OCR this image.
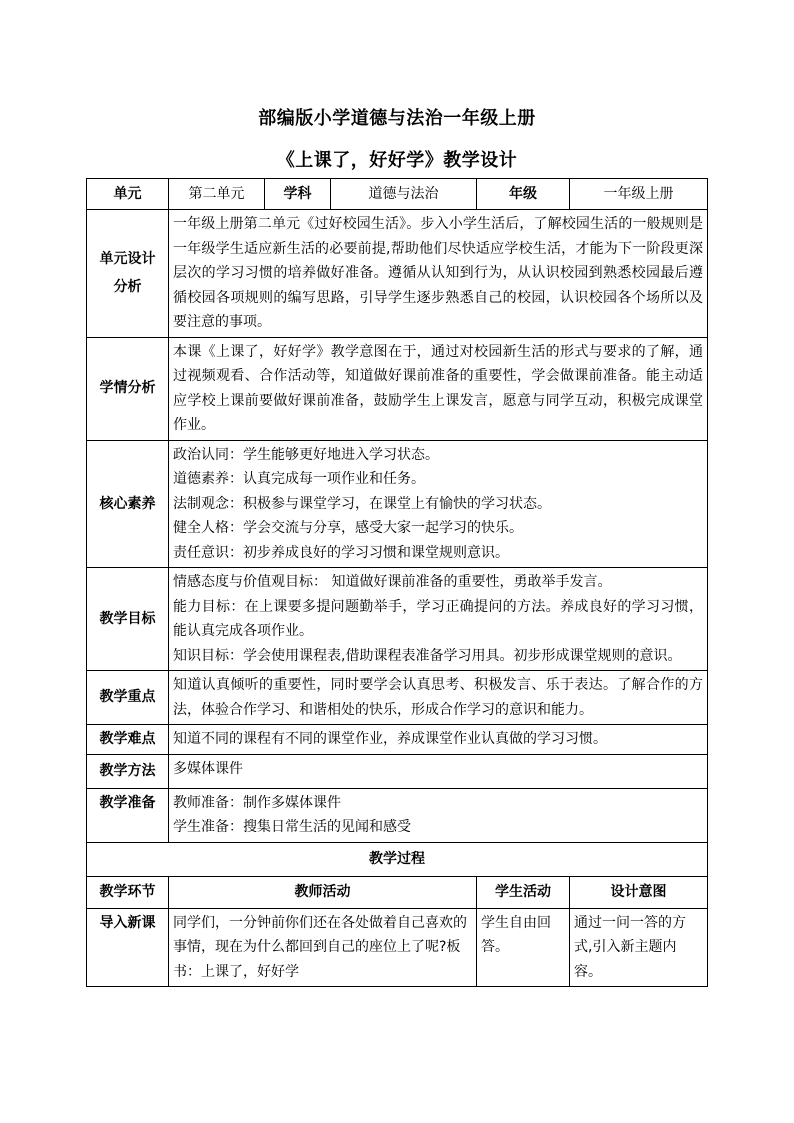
部编版小学道德与法治一年级上册
《上课了，好好学》教学设计
单元	第二单元	学科	道德与法治	年级	一年级上册
单元设计分析	一年级上册第二单元《过好校园生活》。步入小学生活后，了解校园生活的一般规则是一年级学生适应新生活的必要前提,帮助他们尽快适应学校生活，才能为下一阶段更深层次的学习习惯的培养做好准备。遵循从认知到行为，从认识校园到熟悉校园最后遵循校园各项规则的编写思路，引导学生逐步熟悉自己的校园，认识校园各个场所以及要注意的事项。				
学情分析	本课《上课了，好好学》教学意图在于，通过对校园新生活的形式与要求的了解，通过视频观看、合作活动等，知道做好课前准备的重要性，学会做课前准备。能主动适应学校上课前要做好课前准备，鼓励学生上课发言，愿意与同学互动，积极完成课堂作业。				
核心素养	政治认同：学生能够更好地进入学习状态。
道德素养：认真完成每一项作业和任务。
法制观念：积极参与课堂学习，在课堂上有愉快的学习状态。
健全人格：学会交流与分享，感受大家一起学习的快乐。
责任意识：初步养成良好的学习习惯和课堂规则意识。				

教学目标	情感态度与价值观目标： 知道做好课前准备的重要性，勇敢举手发言。
能力目标：在上课要多提问题勤举手，学习正确提问的方法。养成良好的学习习惯，能认真完成各项作业。
知识目标：学会使用课程表,借助课程表准备学习用具。初步形成课堂规则的意识。				

教学重点	知道认真倾听的重要性，同时要学会认真思考、积极发言、乐于表达。了解合作的方法，体验合作学习、和谐相处的快乐，形成合作学习的意识和能力。				
教学难点	知道不同的课程有不同的课堂作业，养成课堂作业认真做的学习习惯。				
教学方法	多媒体课件				
教学准备	教师准备：制作多媒体课件
学生准备：搜集日常生活的见闻和感受				

教学过程					
教学环节	教师活动			学生活动	设计意图
导入新课	同学们，一分钟前你们还在各处做着自己喜欢的事情，现在为什么都回到自己的座位上了呢?板书：上课了，好好学			学生自由回答。	通过一问一答的方式,引入新主题内容。
